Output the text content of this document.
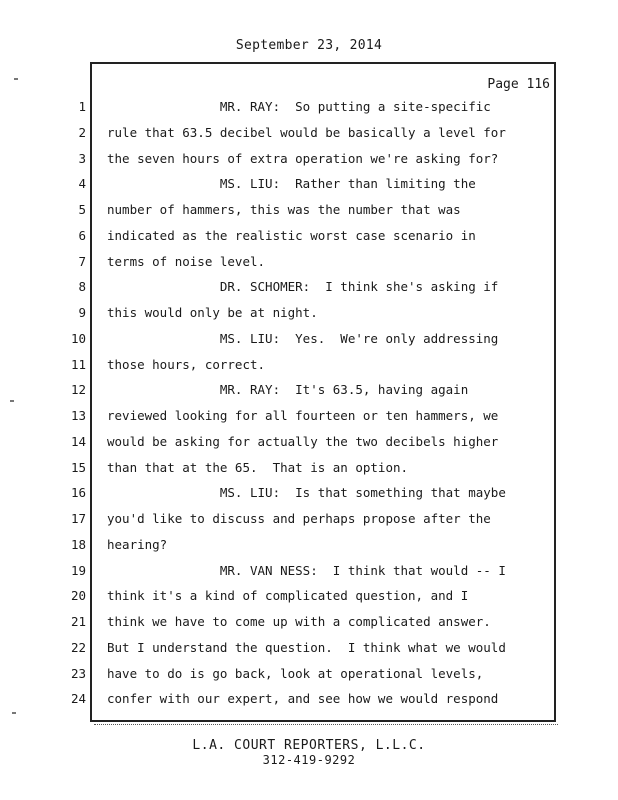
September 23, 2014
Page 116
1
2
3
4
5
6
7
8
9
10
11
12
13
14
15
16
17
18
19
20
21
22
23
24
MR. RAY:  So putting a site-specific
rule that 63.5 decibel would be basically a level for
the seven hours of extra operation we're asking for?
MS. LIU:  Rather than limiting the
number of hammers, this was the number that was
indicated as the realistic worst case scenario in
terms of noise level.
DR. SCHOMER:  I think she's asking if
this would only be at night.
MS. LIU:  Yes.  We're only addressing
those hours, correct.
MR. RAY:  It's 63.5, having again
reviewed looking for all fourteen or ten hammers, we
would be asking for actually the two decibels higher
than that at the 65.  That is an option.
MS. LIU:  Is that something that maybe
you'd like to discuss and perhaps propose after the
hearing?
MR. VAN NESS:  I think that would -- I
think it's a kind of complicated question, and I
think we have to come up with a complicated answer.
But I understand the question.  I think what we would
have to do is go back, look at operational levels,
confer with our expert, and see how we would respond
L.A. COURT REPORTERS, L.L.C.
312-419-9292
